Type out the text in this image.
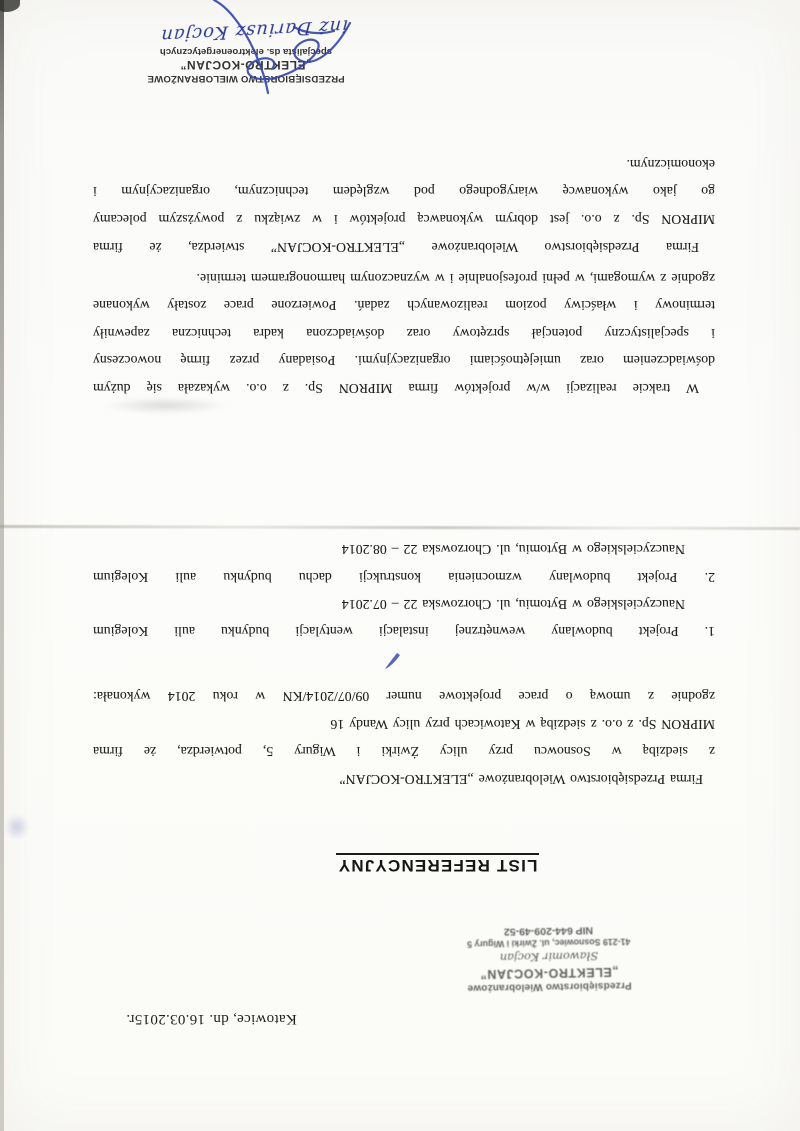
Katowice, dn. 16.03.2015r.
Przedsiębiorstwo Wielobranżowe
„ELEKTRO-KOCJAN”
Sławomir Kocjan
41-219 Sosnowiec, ul. Żwirki i Wigury 5
NIP 644-209-49-52
LIST REFERENCYJNY
Firma Przedsiębiorstwo Wielobranżowe „ELEKTRO-KOCJAN”
z siedzibą w Sosnowcu przy ulicy Żwirki i Wigury 5, potwierdza, że firma
MIPRON Sp. z o.o. z siedzibą w Katowicach przy ulicy Wandy 16
zgodnie z umową o prace projektowe numer 09/07/2014/KN w roku 2014 wykonała:
1. Projekt budowlany wewnętrznej instalacji wentylacji budynku auli Kolegium
Nauczycielskiego w Bytomiu, ul. Chorzowska 22 – 07.2014
2. Projekt budowlany wzmocnienia konstrukcji dachu budynku auli Kolegium
Nauczycielskiego w Bytomiu, ul. Chorzowska 22 – 08.2014
W trakcie realizacji w/w projektów firma MIPRON Sp. z o.o. wykazała się dużym
doświadczeniem oraz umiejętnościami organizacyjnymi. Posiadany przez firmę nowoczesny
i specjalistyczny potencjał sprzętowy oraz doświadczona kadra techniczna zapewniły
terminowy i właściwy poziom realizowanych zadań. Powierzone prace zostały wykonane
zgodnie z wymogami, w pełni profesjonalnie i w wyznaczonym harmonogramem terminie.
Firma Przedsiębiorstwo Wielobranżowe „ELEKTRO-KOCJAN” stwierdza, że firma
MIPRON Sp. z o.o. jest dobrym wykonawcą projektów i w związku z powyższym polecamy
go jako wykonawcę wiarygodnego pod względem technicznym, organizacyjnym i
ekonomicznym.
PRZEDSIĘBIORSTWO WIELOBRANŻOWE
„ELEKTRO-KOCJAN”
specjalista ds. elektroenergetycznych
inż Dariusz Kocjan
